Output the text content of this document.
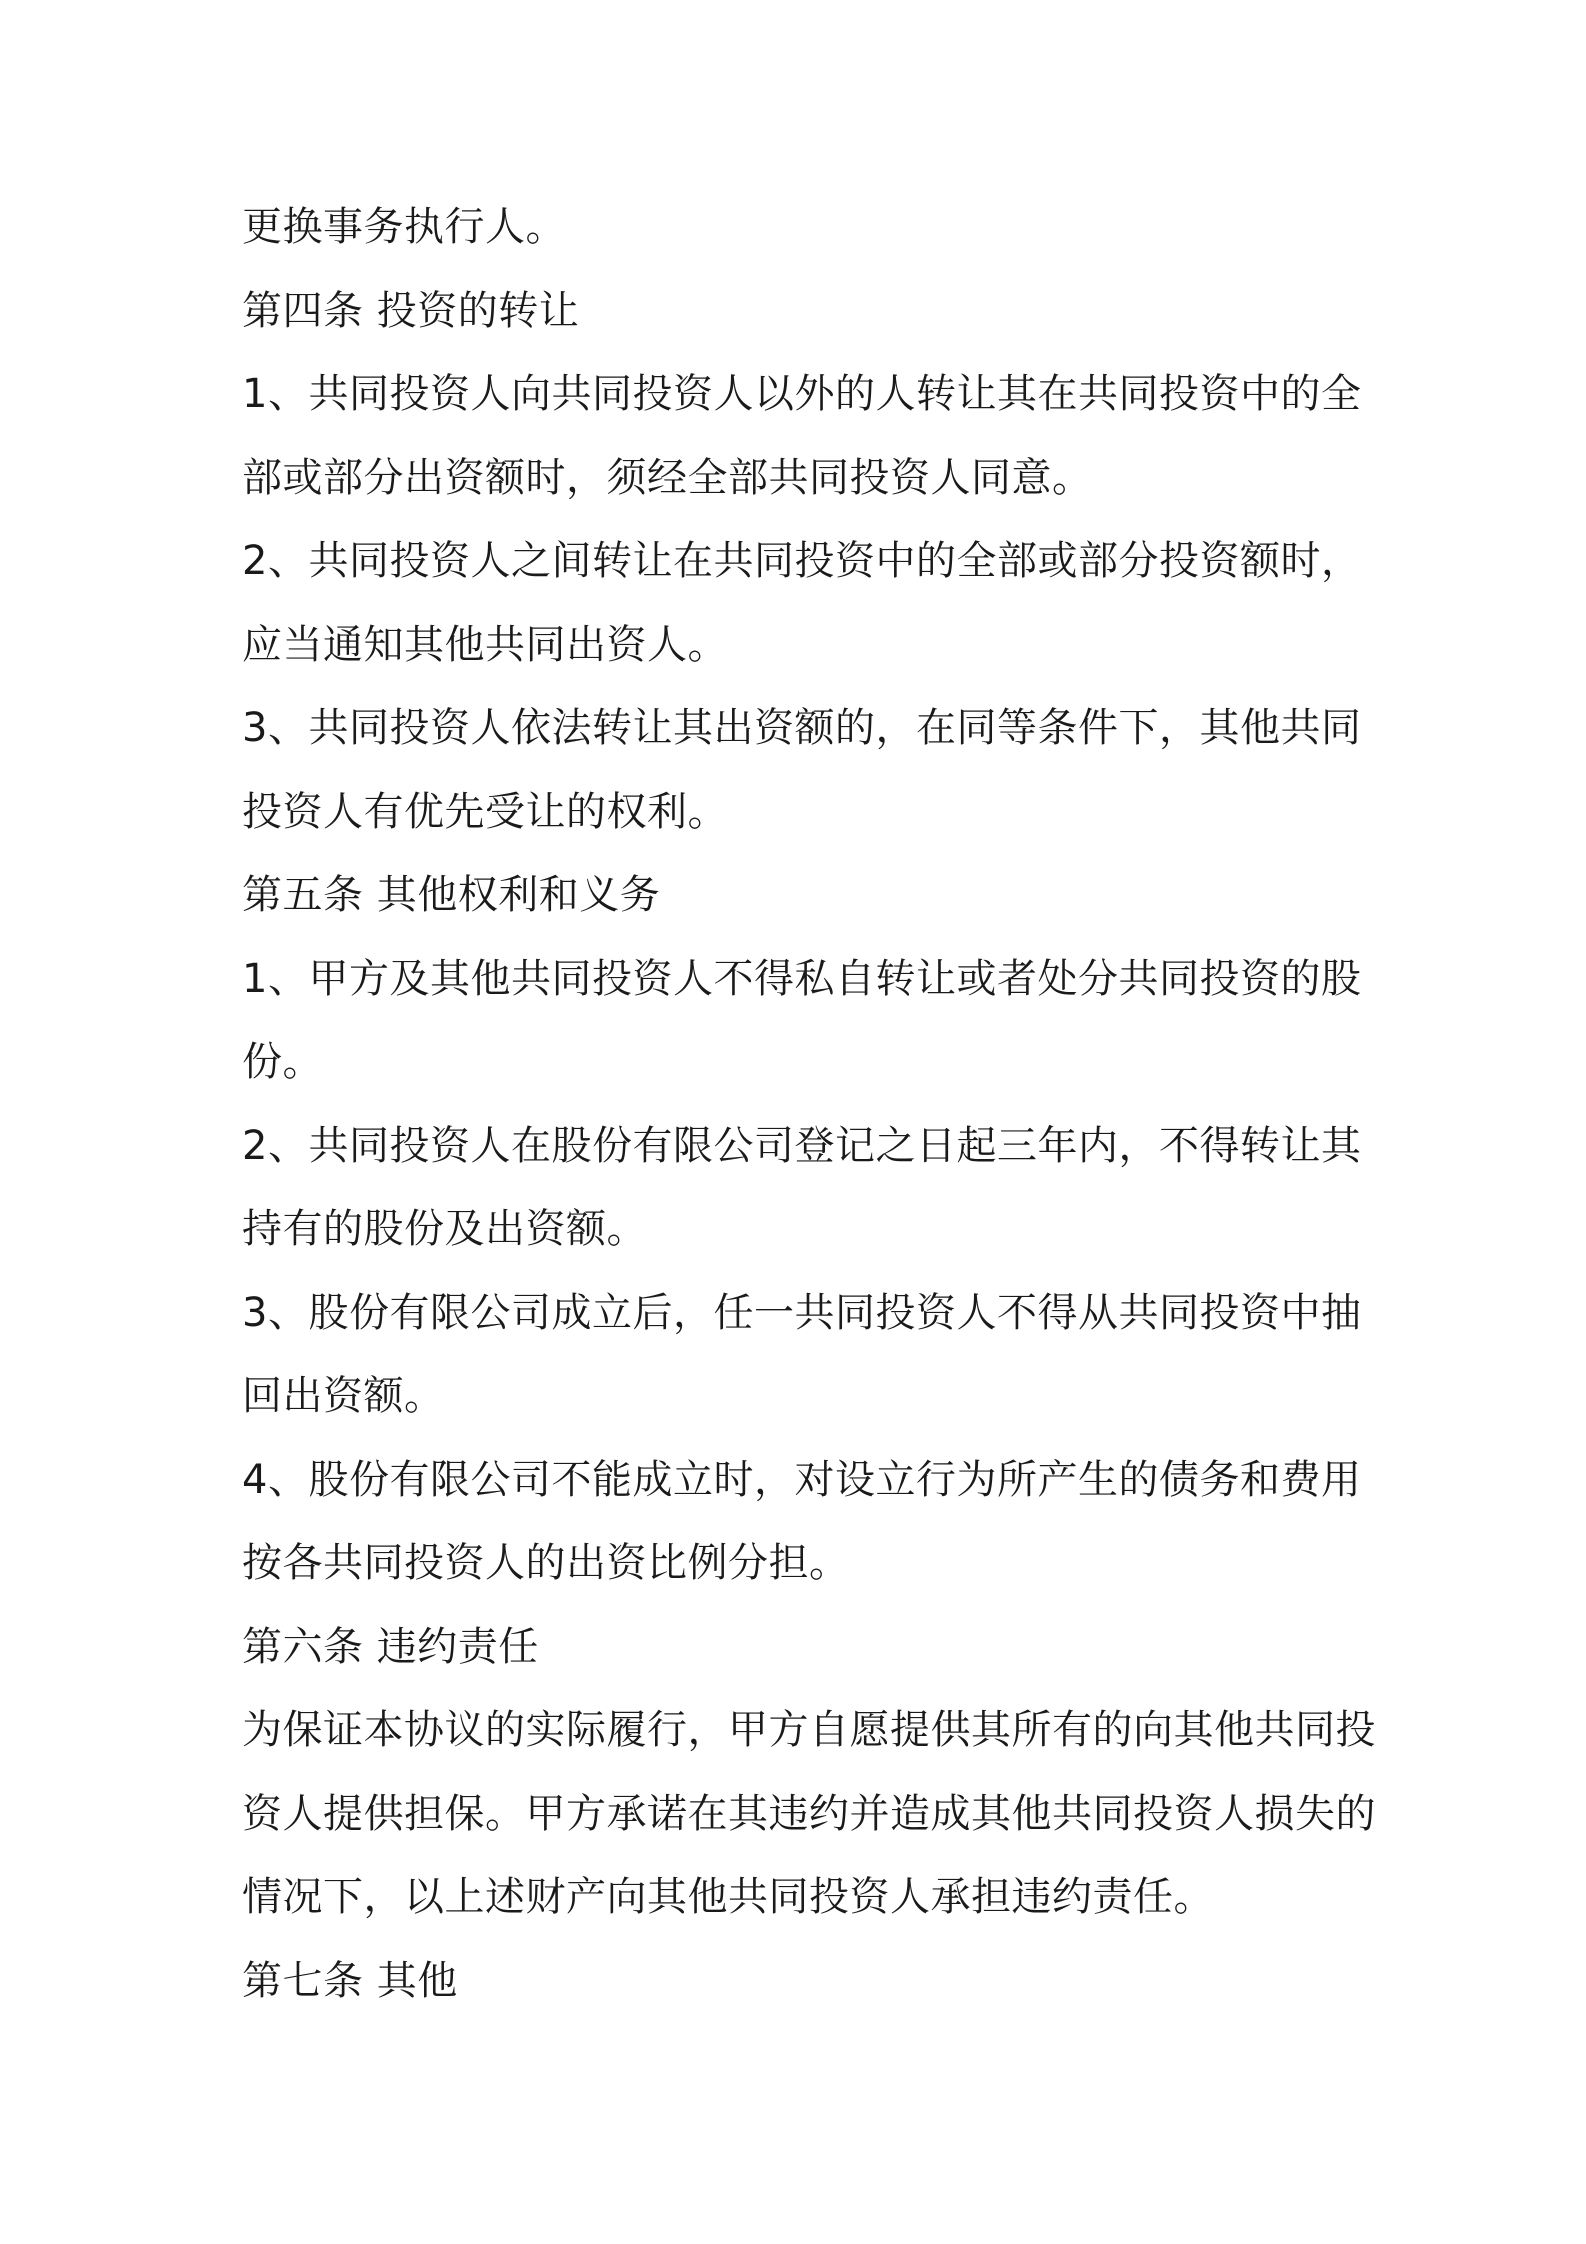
更换事务执行人。
第四条 投资的转让
1、共同投资人向共同投资人以外的人转让其在共同投资中的全
部或部分出资额时，须经全部共同投资人同意。
2、共同投资人之间转让在共同投资中的全部或部分投资额时，
应当通知其他共同出资人。
3、共同投资人依法转让其出资额的，在同等条件下，其他共同
投资人有优先受让的权利。
第五条 其他权利和义务
1、甲方及其他共同投资人不得私自转让或者处分共同投资的股
份。
2、共同投资人在股份有限公司登记之日起三年内，不得转让其
持有的股份及出资额。
3、股份有限公司成立后，任一共同投资人不得从共同投资中抽
回出资额。
4、股份有限公司不能成立时，对设立行为所产生的债务和费用
按各共同投资人的出资比例分担。
第六条 违约责任
为保证本协议的实际履行，甲方自愿提供其所有的向其他共同投
资人提供担保。甲方承诺在其违约并造成其他共同投资人损失的
情况下，以上述财产向其他共同投资人承担违约责任。
第七条 其他
